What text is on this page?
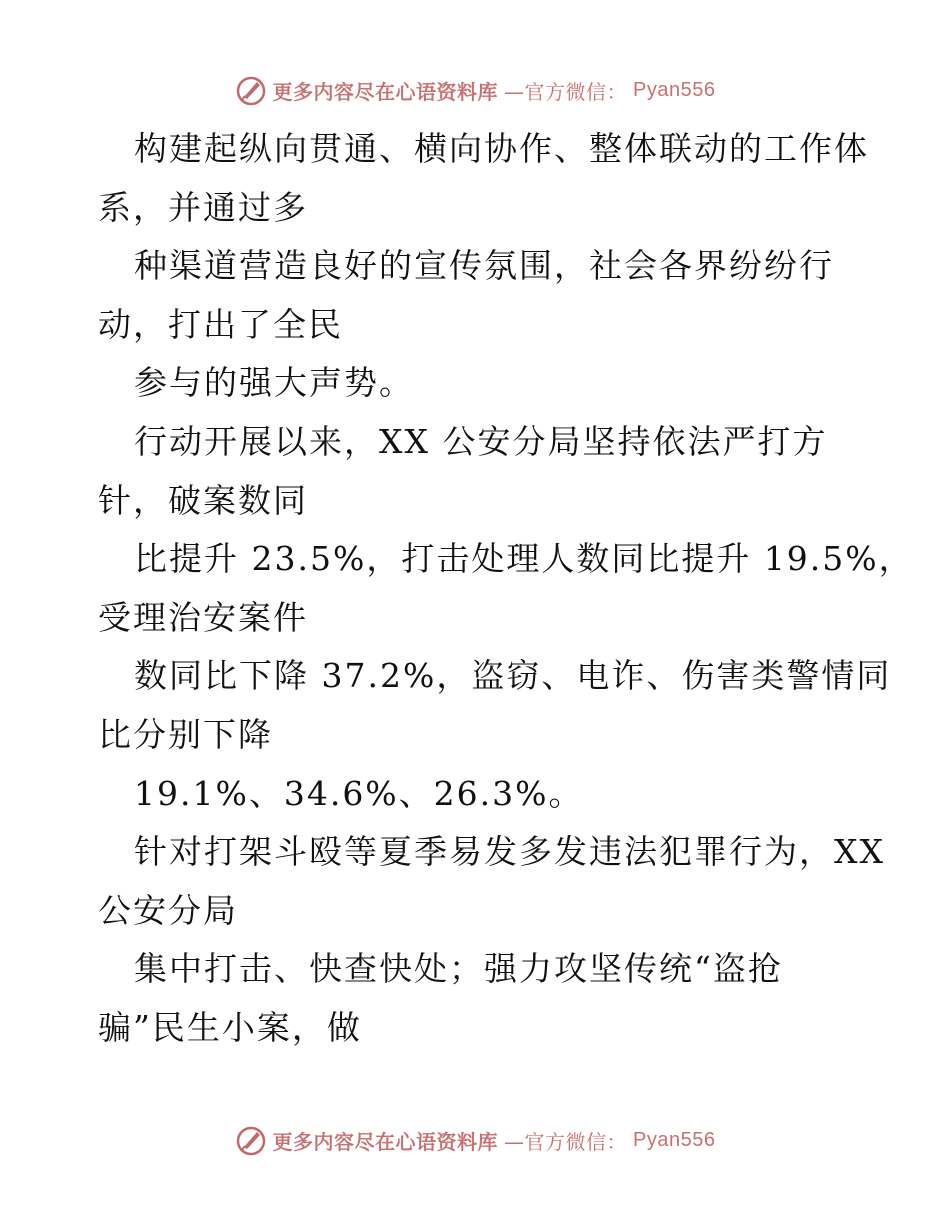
更多内容尽在心语资料库 —官方微信： Pyan556
构建起纵向贯通、横向协作、整体联动的工作体
系，并通过多
种渠道营造良好的宣传氛围，社会各界纷纷行
动，打出了全民
参与的强大声势。
行动开展以来，XX 公安分局坚持依法严打方
针，破案数同
比提升 23.5%，打击处理人数同比提升 19.5%，
受理治安案件
数同比下降 37.2%，盗窃、电诈、伤害类警情同
比分别下降
19.1%、34.6%、26.3%。
针对打架斗殴等夏季易发多发违法犯罪行为，XX
公安分局
集中打击、快查快处；强力攻坚传统“盗抢
骗”民生小案，做
更多内容尽在心语资料库 —官方微信： Pyan556
